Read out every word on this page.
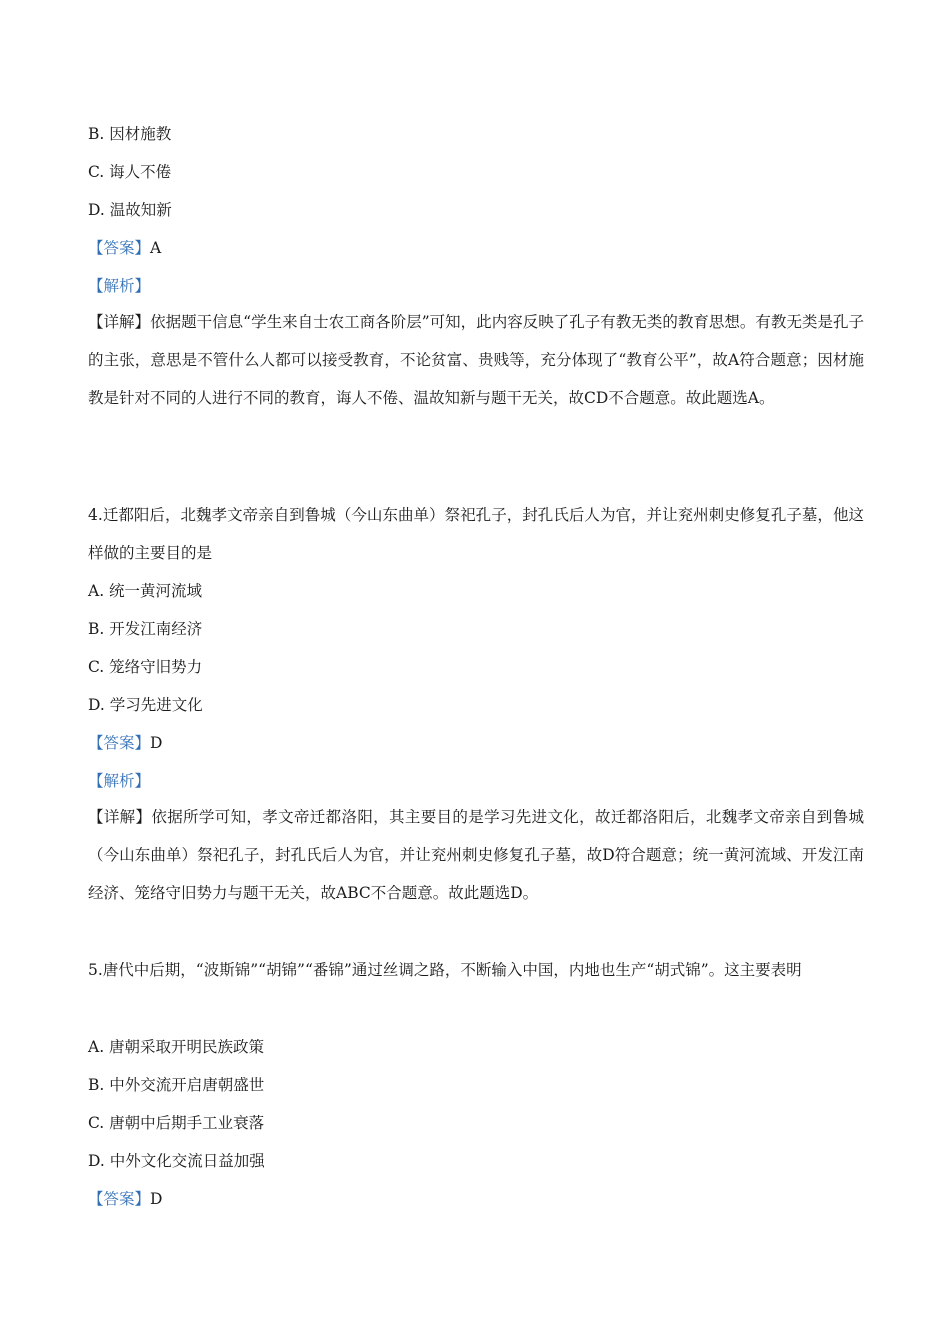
B. 因材施教
C. 诲人不倦
D. 温故知新
【答案】A
【解析】
【详解】依据题干信息“学生来自士农工商各阶层”可知，此内容反映了孔子有教无类的教育思想。有教无类是孔子的主张，意思是不管什么人都可以接受教育，不论贫富、贵贱等，充分体现了“教育公平”，故A符合题意；因材施教是针对不同的人进行不同的教育，诲人不倦、温故知新与题干无关，故CD不合题意。故此题选A。
4.迁都阳后，北魏孝文帝亲自到鲁城（今山东曲单）祭祀孔子，封孔氏后人为官，并让兖州刺史修复孔子墓，他这样做的主要目的是
A. 统一黄河流域
B. 开发江南经济
C. 笼络守旧势力
D. 学习先进文化
【答案】D
【解析】
【详解】依据所学可知，孝文帝迁都洛阳，其主要目的是学习先进文化，故迁都洛阳后，北魏孝文帝亲自到鲁城（今山东曲单）祭祀孔子，封孔氏后人为官，并让兖州刺史修复孔子墓，故D符合题意；统一黄河流域、开发江南经济、笼络守旧势力与题干无关，故ABC不合题意。故此题选D。
5.唐代中后期，“波斯锦”“胡锦”“番锦”通过丝调之路，不断输入中国，内地也生产“胡式锦”。这主要表明
A. 唐朝采取开明民族政策
B. 中外交流开启唐朝盛世
C. 唐朝中后期手工业衰落
D. 中外文化交流日益加强
【答案】D
